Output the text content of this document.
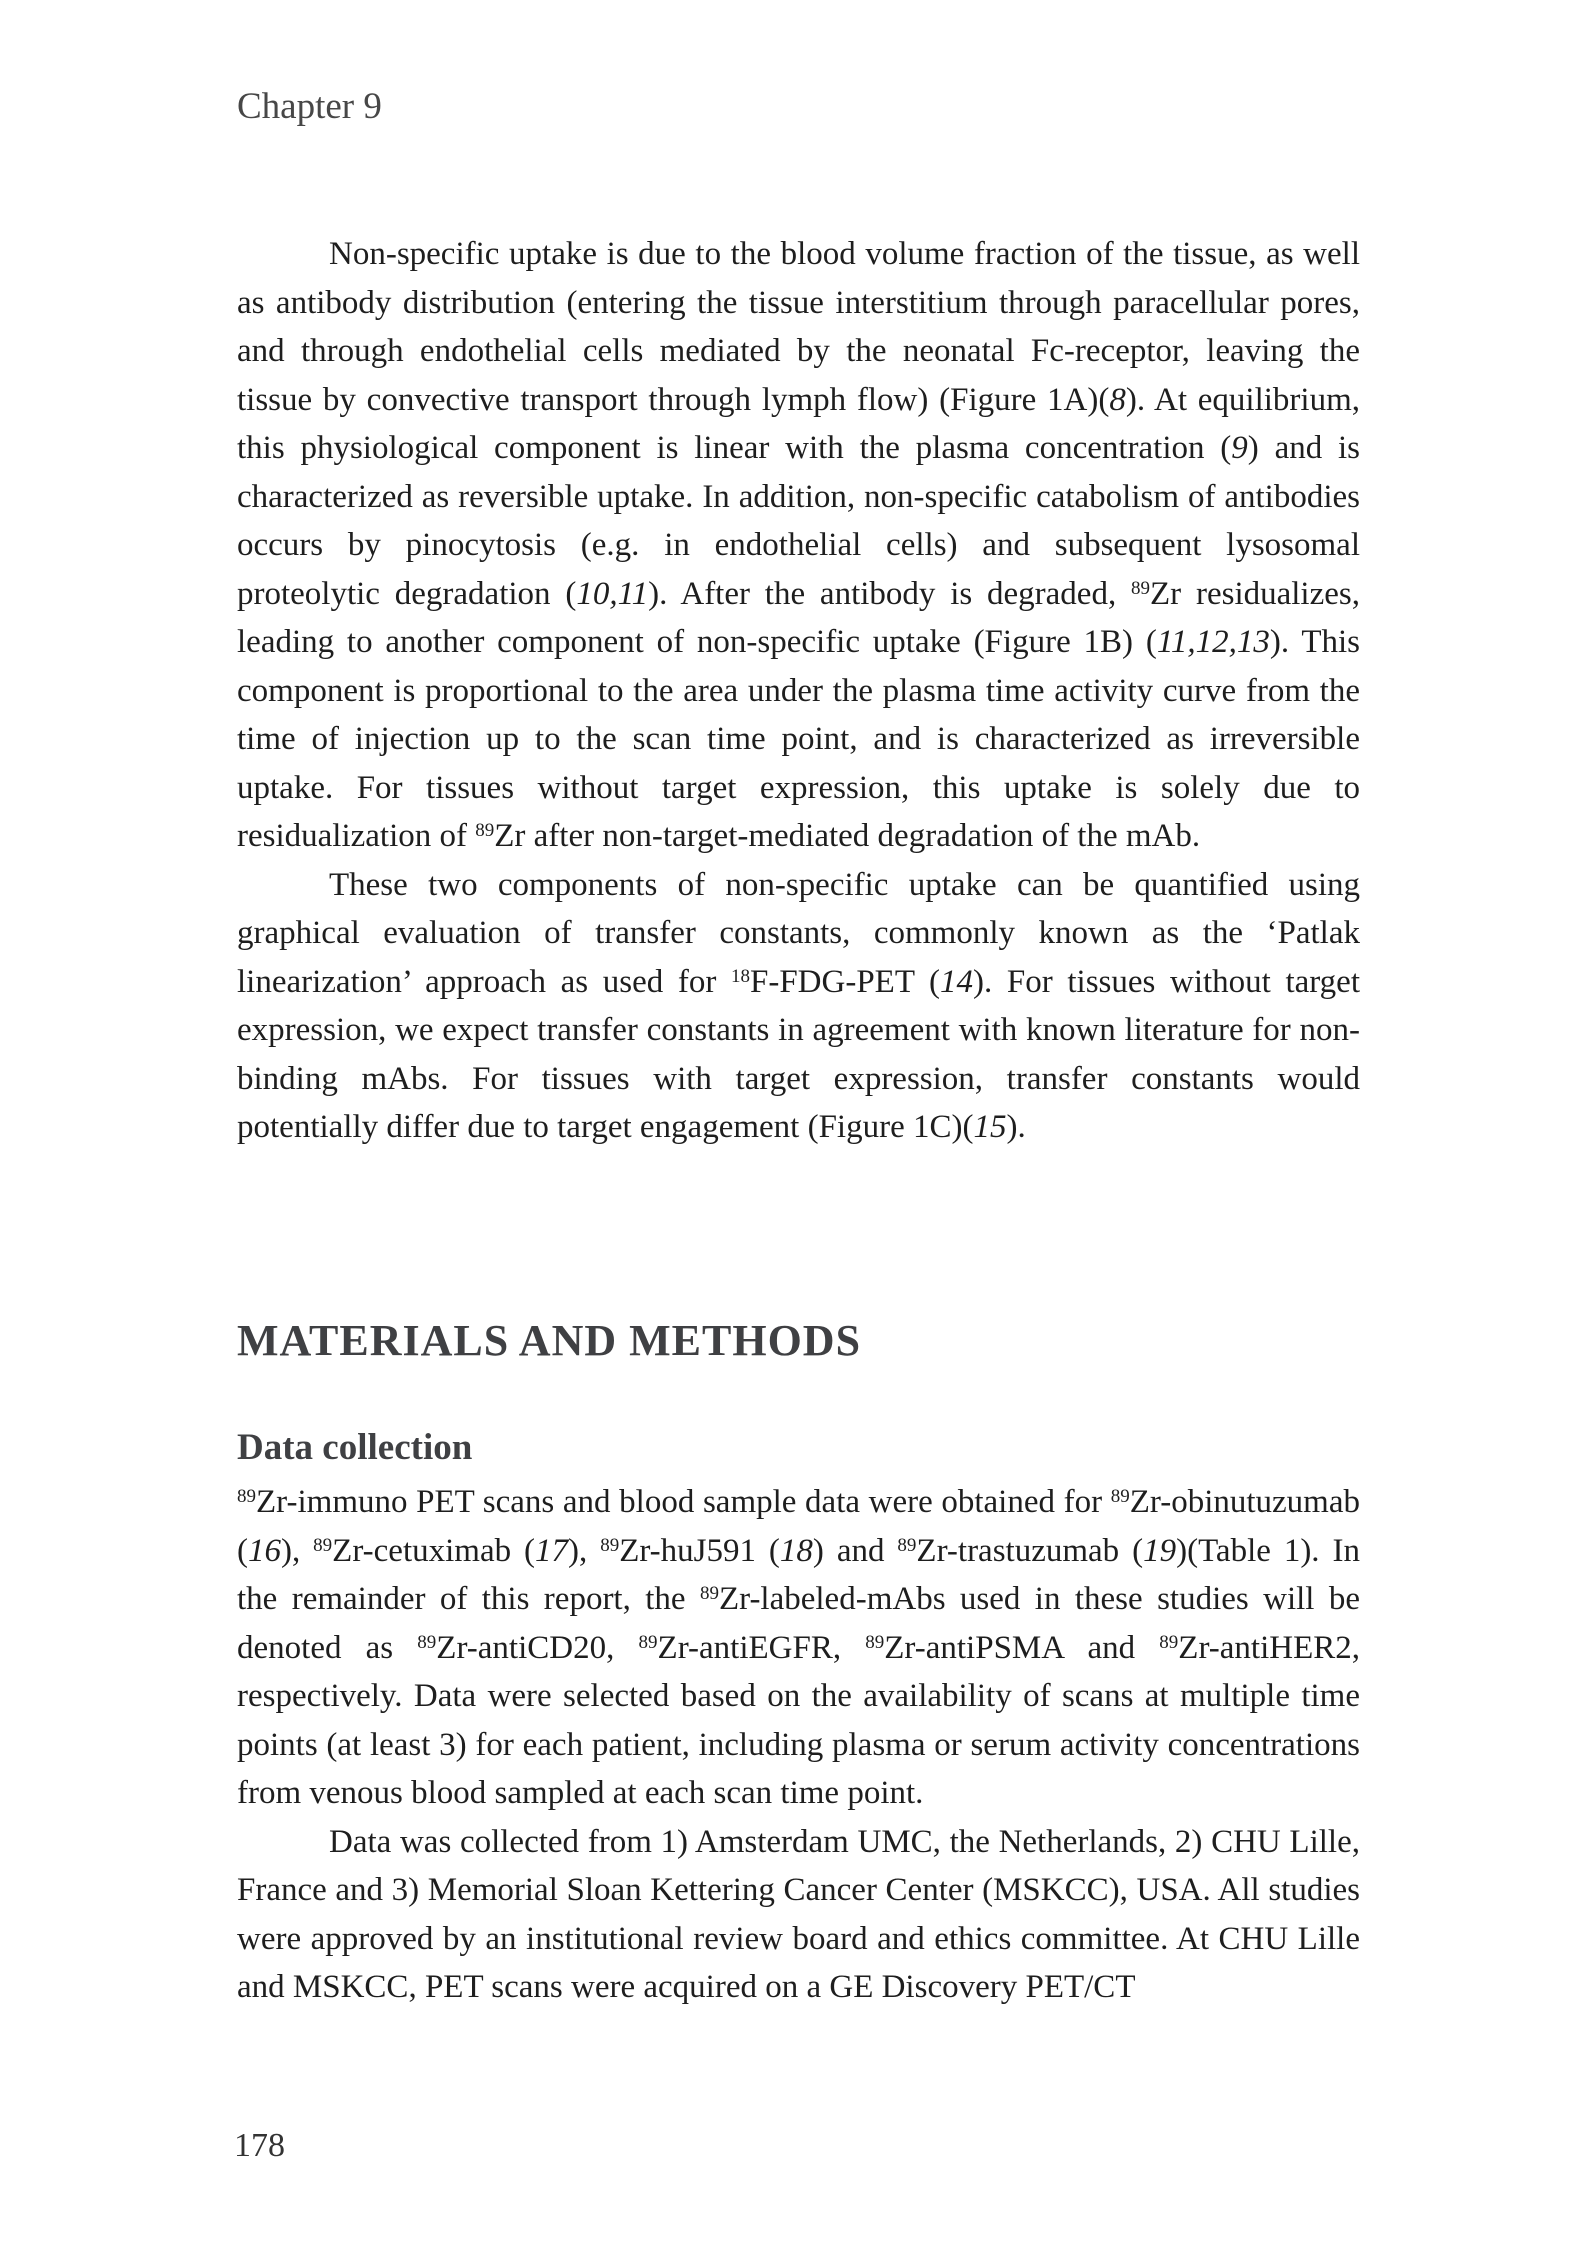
Chapter 9

Non-specific uptake is due to the blood volume fraction of the tissue, as well as antibody distribution (entering the tissue interstitium through paracellular pores, and through endothelial cells mediated by the neonatal Fc-receptor, leaving the tissue by convective transport through lymph flow) (Figure 1A)(8). At equilibrium, this physiological component is linear with the plasma concentration (9) and is characterized as reversible uptake. In addition, non-specific catabolism of antibodies occurs by pinocytosis (e.g. in endothelial cells) and subsequent lysosomal proteolytic degradation (10,11). After the antibody is degraded, $^{89}$Zr residualizes, leading to another component of non-specific uptake (Figure 1B) (11,12,13). This component is proportional to the area under the plasma time activity curve from the time of injection up to the scan time point, and is characterized as irreversible uptake. For tissues without target expression, this uptake is solely due to residualization of $^{89}$Zr after non-target-mediated degradation of the mAb.

These two components of non-specific uptake can be quantified using graphical evaluation of transfer constants, commonly known as the ‘Patlak linearization’ approach as used for $^{18}$F-FDG-PET (14). For tissues without target expression, we expect transfer constants in agreement with known literature for non-binding mAbs. For tissues with target expression, transfer constants would potentially differ due to target engagement (Figure 1C)(15).

MATERIALS AND METHODS
Data collection

$^{89}$Zr-immuno PET scans and blood sample data were obtained for $^{89}$Zr-obinutuzumab (16), $^{89}$Zr-cetuximab (17), $^{89}$Zr-huJ591 (18) and $^{89}$Zr-trastuzumab (19)(Table 1). In the remainder of this report, the $^{89}$Zr-labeled-mAbs used in these studies will be denoted as $^{89}$Zr-antiCD20, $^{89}$Zr-antiEGFR, $^{89}$Zr-antiPSMA and $^{89}$Zr-antiHER2, respectively. Data were selected based on the availability of scans at multiple time points (at least 3) for each patient, including plasma or serum activity concentrations from venous blood sampled at each scan time point.

Data was collected from 1) Amsterdam UMC, the Netherlands, 2) CHU Lille, France and 3) Memorial Sloan Kettering Cancer Center (MSKCC), USA. All studies were approved by an institutional review board and ethics committee. At CHU Lille and MSKCC, PET scans were acquired on a GE Discovery PET/CT

178
